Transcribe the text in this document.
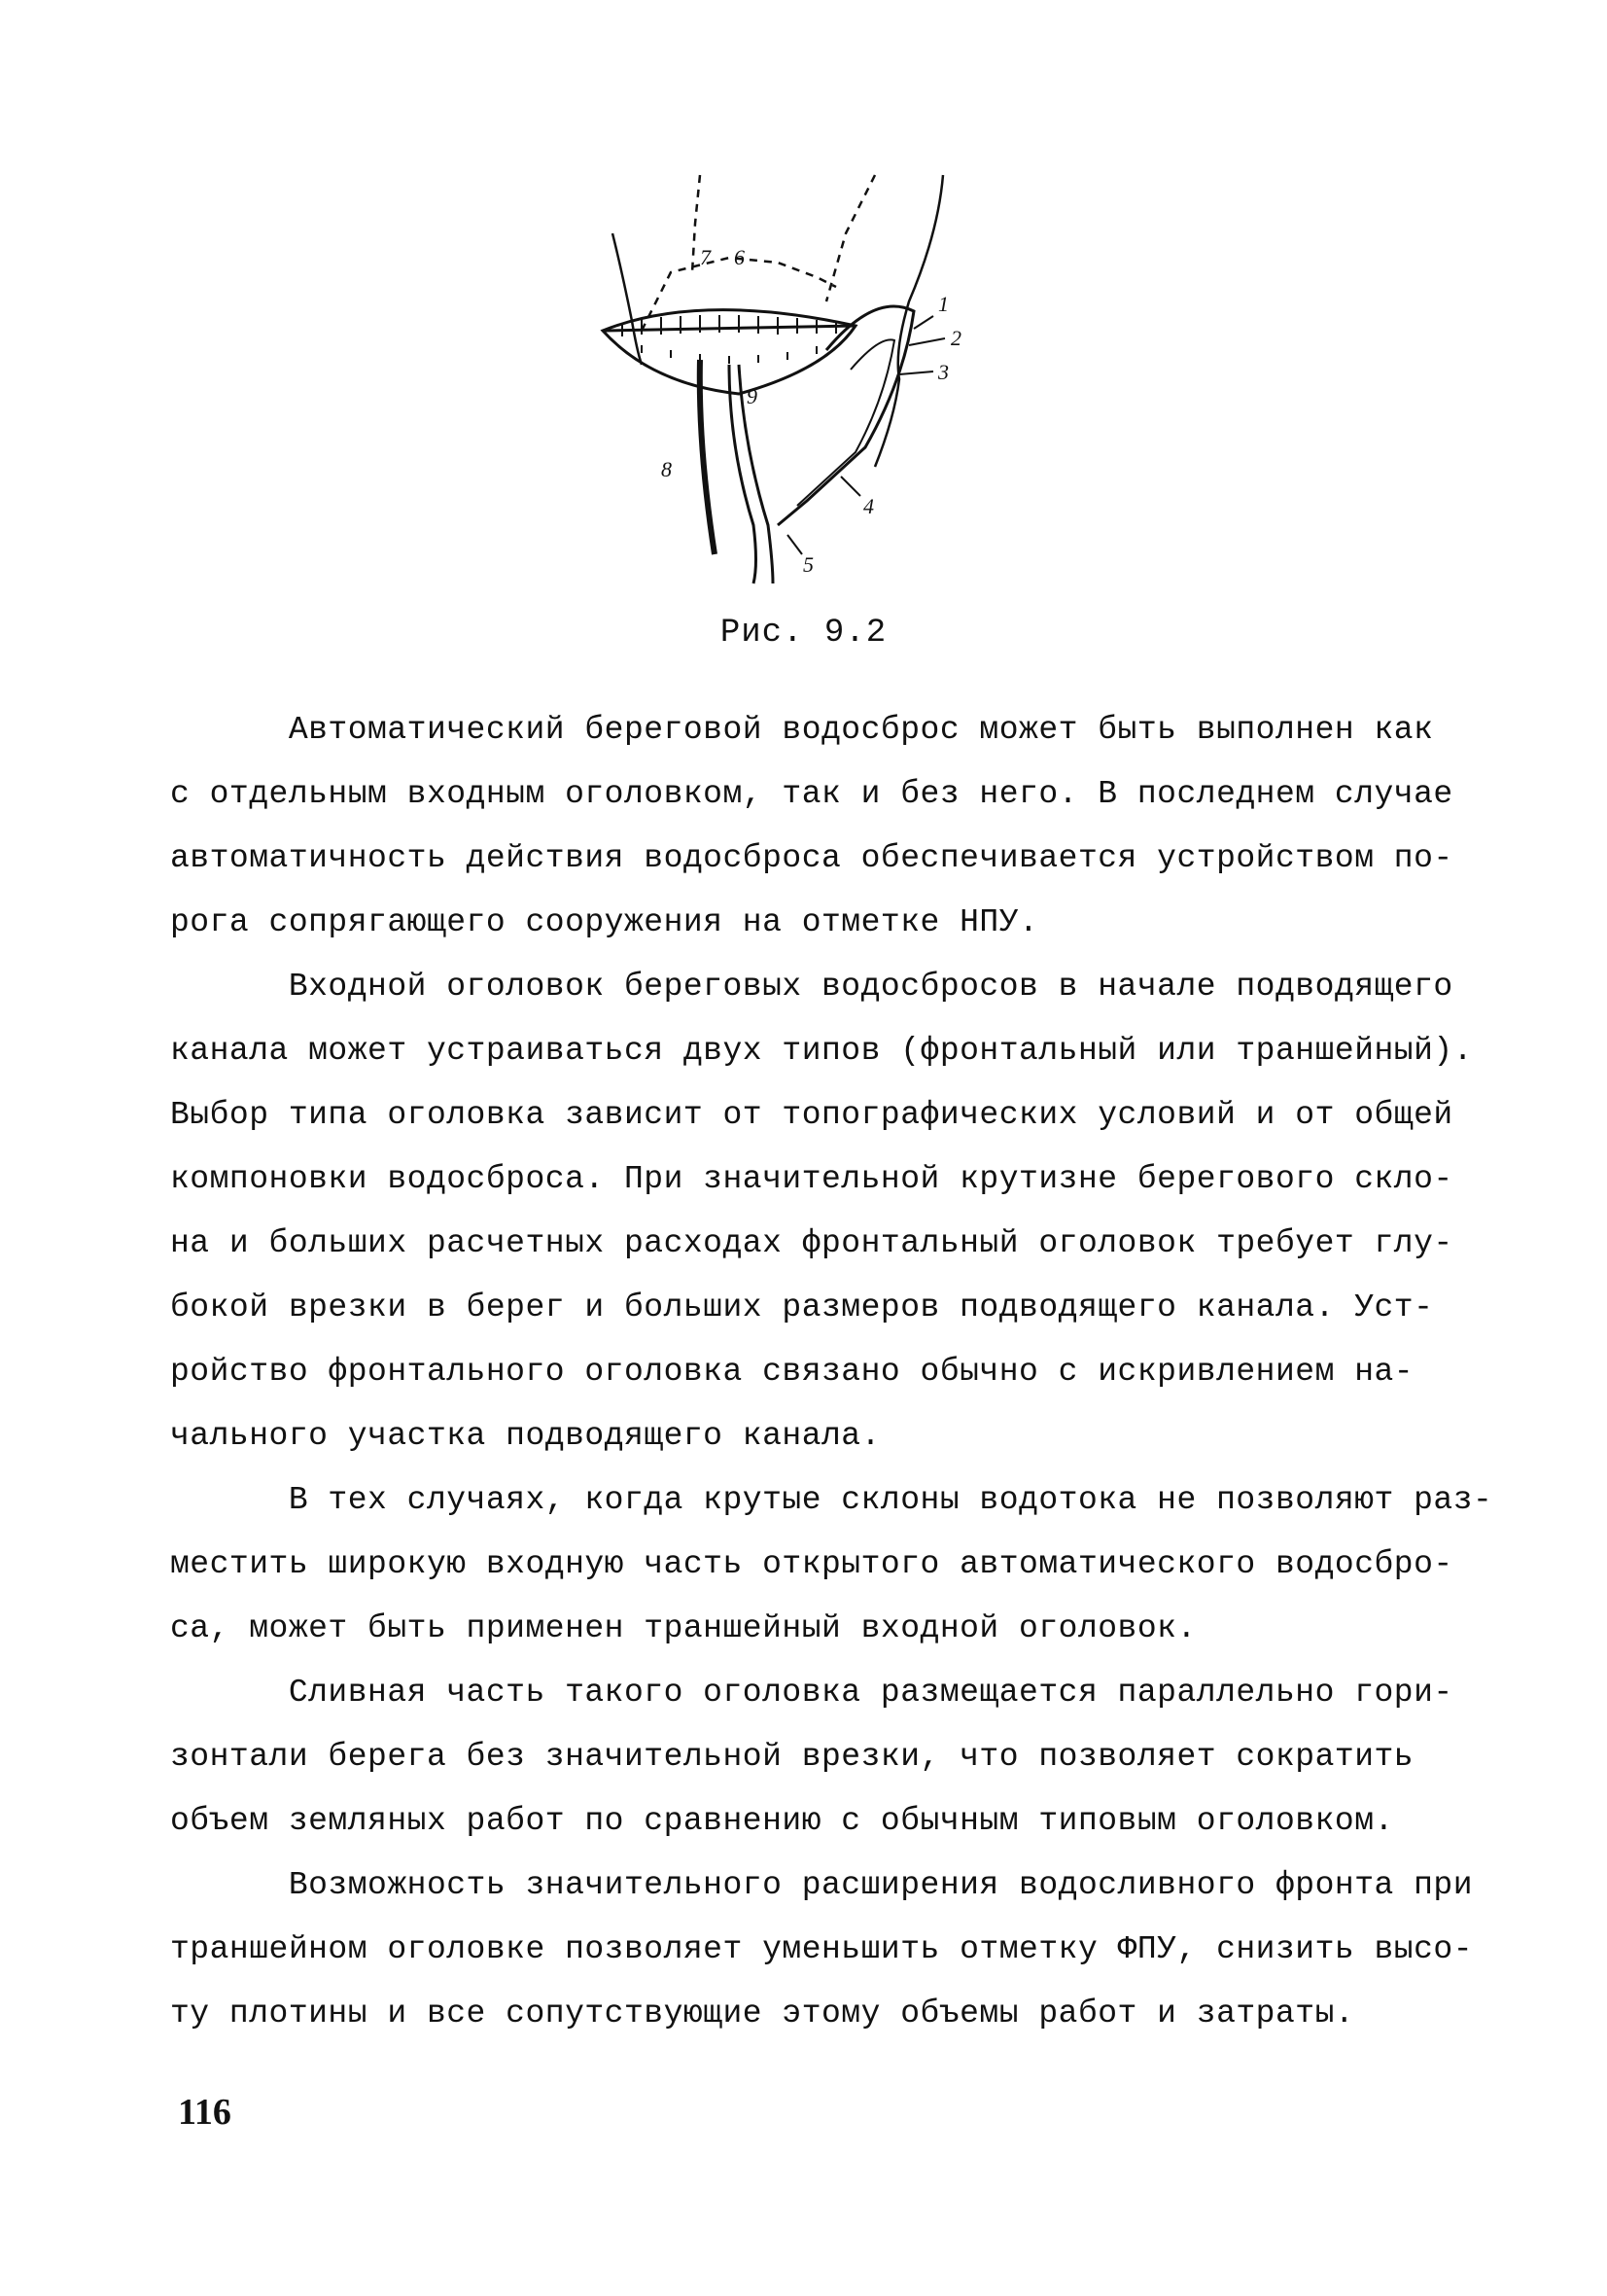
1
2
3
4
5
6
7
8
9
Рис. 9.2
Автоматический береговой водосброс может быть выполнен как
с отдельным входным оголовком, так и без него. В последнем случае
автоматичность действия водосброса обеспечивается устройством по-
рога сопрягающего сооружения на отметке НПУ.
Входной оголовок береговых водосбросов в начале подводящего
канала может устраиваться двух типов (фронтальный или траншейный).
Выбор типа оголовка зависит от топографических условий и от общей
компоновки водосброса. При значительной крутизне берегового скло-
на и больших расчетных расходах фронтальный оголовок требует глу-
бокой врезки в берег и больших размеров подводящего канала. Уст-
ройство фронтального оголовка связано обычно с искривлением на-
чального участка подводящего канала.
В тех случаях, когда крутые склоны водотока не позволяют раз-
местить широкую входную часть открытого автоматического водосбро-
са, может быть применен траншейный входной оголовок.
Сливная часть такого оголовка размещается параллельно гори-
зонтали берега без значительной врезки, что позволяет сократить
объем земляных работ по сравнению с обычным типовым оголовком.
Возможность значительного расширения водосливного фронта при
траншейном оголовке позволяет уменьшить отметку ФПУ, снизить высо-
ту плотины и все сопутствующие этому объемы работ и затраты.
116
